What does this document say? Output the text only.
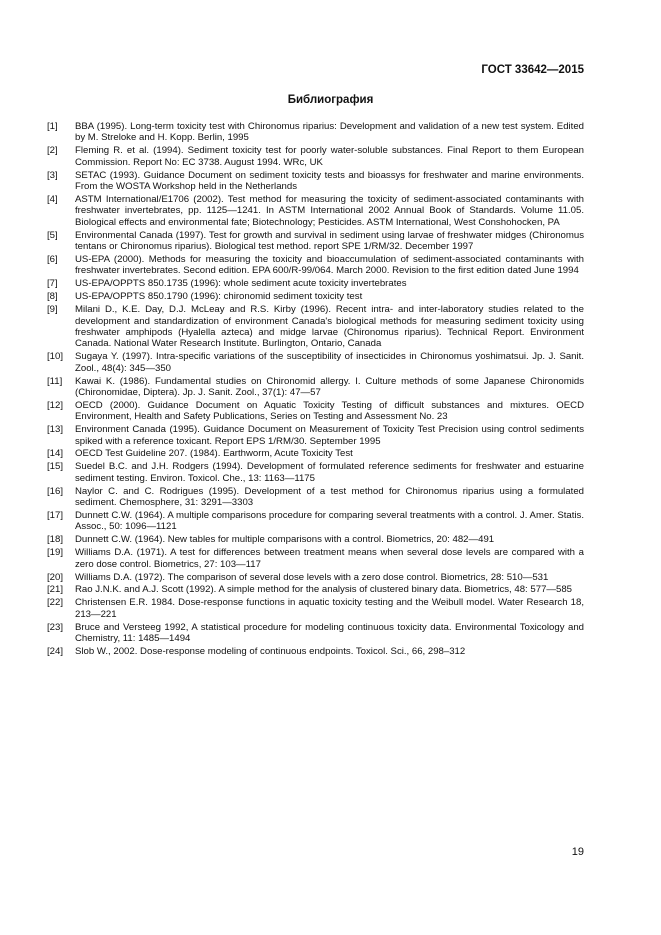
ГОСТ 33642—2015
Библиография
[1]	BBA (1995). Long-term toxicity test with Chironomus riparius: Development and validation of a new test system. Edited by M. Streloke and H. Kopp. Berlin, 1995
[2]	Fleming R. et al. (1994). Sediment toxicity test for poorly water-soluble substances. Final Report to them European Commission. Report No: EC 3738. August 1994. WRc, UK
[3]	SETAC (1993). Guidance Document on sediment toxicity tests and bioassys for freshwater and marine environments. From the WOSTA Workshop held in the Netherlands
[4]	ASTM International/E1706 (2002). Test method for measuring the toxicity of sediment-associated contaminants with freshwater invertebrates, pp. 1125—1241. In ASTM International 2002 Annual Book of Standards. Volume 11.05. Biological effects and environmental fate; Biotechnology; Pesticides. ASTM International, West Conshohocken, PA
[5]	Environmental Canada (1997). Test for growth and survival in sediment using larvae of freshwater midges (Chironomus tentans or Chironomus riparius). Biological test method. report SPE 1/RM/32. December 1997
[6]	US-EPA (2000). Methods for measuring the toxicity and bioaccumulation of sediment-associated contaminants with freshwater invertebrates. Second edition. EPA 600/R-99/064. March 2000. Revision to the first edition dated June 1994
[7]	US-EPA/OPPTS 850.1735 (1996): whole sediment acute toxicity invertebrates
[8]	US-EPA/OPPTS 850.1790 (1996): chironomid sediment toxicity test
[9]	Milani D., K.E. Day, D.J. McLeay and R.S. Kirby (1996). Recent intra- and inter-laboratory studies related to the development and standardization of environment Canada's biological methods for measuring sediment toxicity using freshwater amphipods (Hyalella azteca) and midge larvae (Chironomus riparius). Technical Report. Environment Canada. National Water Research Institute. Burlington, Ontario, Canada
[10]	Sugaya Y. (1997). Intra-specific variations of the susceptibility of insecticides in Chironomus yoshimatsui. Jp. J. Sanit. Zool., 48(4): 345—350
[11]	Kawai K. (1986). Fundamental studies on Chironomid allergy. I. Culture methods of some Japanese Chironomids (Chironomidae, Diptera). Jp. J. Sanit. Zool., 37(1): 47—57
[12]	OECD (2000). Guidance Document on Aquatic Toxicity Testing of difficult substances and mixtures. OECD Environment, Health and Safety Publications, Series on Testing and Assessment No. 23
[13]	Environment Canada (1995). Guidance Document on Measurement of Toxicity Test Precision using control sediments spiked with a reference toxicant. Report EPS 1/RM/30. September 1995
[14]	OECD Test Guideline 207. (1984). Earthworm, Acute Toxicity Test
[15]	Suedel B.C. and J.H. Rodgers (1994). Development of formulated reference sediments for freshwater and estuarine sediment testing. Environ. Toxicol. Che., 13: 1163—1175
[16]	Naylor C. and C. Rodrigues (1995). Development of a test method for Chironomus riparius using a formulated sediment. Chemosphere, 31: 3291—3303
[17]	Dunnett C.W. (1964). A multiple comparisons procedure for comparing several treatments with a control. J. Amer. Statis. Assoc., 50: 1096—1121
[18]	Dunnett C.W. (1964). New tables for multiple comparisons with a control. Biometrics, 20: 482—491
[19]	Williams D.A. (1971). A test for differences between treatment means when several dose levels are compared with a zero dose control. Biometrics, 27: 103—117
[20]	Williams D.A. (1972). The comparison of several dose levels with a zero dose control. Biometrics, 28: 510—531
[21]	Rao J.N.K. and A.J. Scott (1992). A simple method for the analysis of clustered binary data. Biometrics, 48: 577—585
[22]	Christensen E.R. 1984. Dose-response functions in aquatic toxicity testing and the Weibull model. Water Research 18, 213—221
[23]	Bruce and Versteeg 1992, A statistical procedure for modeling continuous toxicity data. Environmental Toxicology and Chemistry, 11: 1485—1494
[24]	Slob W., 2002. Dose-response modeling of continuous endpoints. Toxicol. Sci., 66, 298–312
19
